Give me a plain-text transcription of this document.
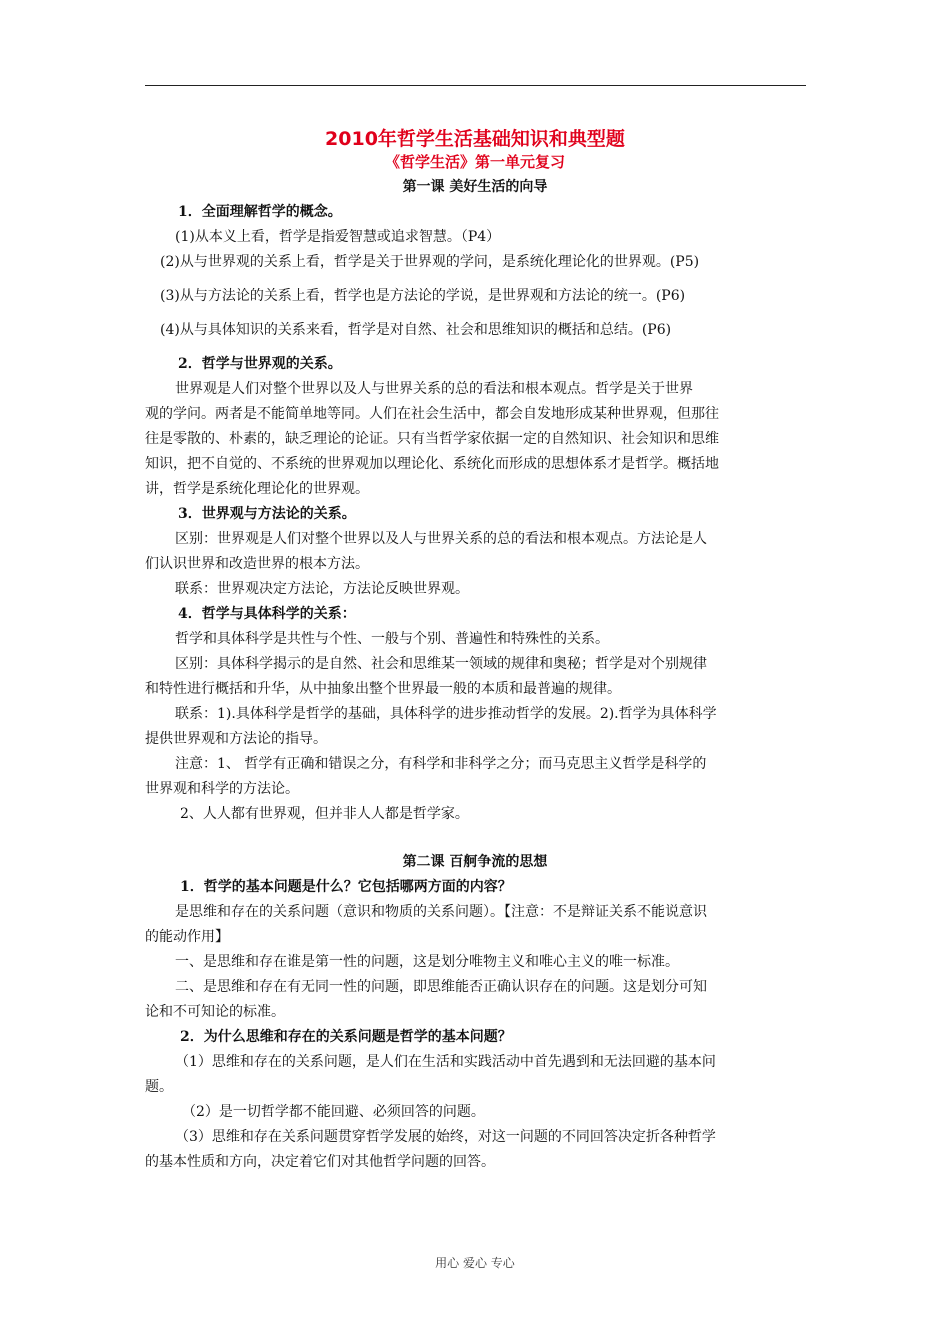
2010年哲学生活基础知识和典型题
《哲学生活》第一单元复习
第一课 美好生活的向导
1．全面理解哲学的概念。
(1)从本义上看，哲学是指爱智慧或追求智慧。（P4）
(2)从与世界观的关系上看，哲学是关于世界观的学问，是系统化理论化的世界观。(P5)
(3)从与方法论的关系上看，哲学也是方法论的学说，是世界观和方法论的统一。(P6)
(4)从与具体知识的关系来看，哲学是对自然、社会和思维知识的概括和总结。(P6)
2．哲学与世界观的关系。
世界观是人们对整个世界以及人与世界关系的总的看法和根本观点。哲学是关于世界
观的学问。两者是不能简单地等同。人们在社会生活中，都会自发地形成某种世界观，但那往
往是零散的、朴素的，缺乏理论的论证。只有当哲学家依据一定的自然知识、社会知识和思维
知识，把不自觉的、不系统的世界观加以理论化、系统化而形成的思想体系才是哲学。概括地
讲，哲学是系统化理论化的世界观。
3．世界观与方法论的关系。
区别：世界观是人们对整个世界以及人与世界关系的总的看法和根本观点。方法论是人
们认识世界和改造世界的根本方法。
联系：世界观决定方法论，方法论反映世界观。
4．哲学与具体科学的关系：
哲学和具体科学是共性与个性、一般与个别、普遍性和特殊性的关系。
区别：具体科学揭示的是自然、社会和思维某一领域的规律和奥秘；哲学是对个别规律
和特性进行概括和升华，从中抽象出整个世界最一般的本质和最普遍的规律。
联系：1).具体科学是哲学的基础，具体科学的进步推动哲学的发展。2).哲学为具体科学
提供世界观和方法论的指导。
注意：1、 哲学有正确和错误之分，有科学和非科学之分；而马克思主义哲学是科学的
世界观和科学的方法论。
2、人人都有世界观，但并非人人都是哲学家。
第二课 百舸争流的思想
1．哲学的基本问题是什么？它包括哪两方面的内容？
是思维和存在的关系问题（意识和物质的关系问题）。【注意：不是辩证关系不能说意识
的能动作用】
一、是思维和存在谁是第一性的问题，这是划分唯物主义和唯心主义的唯一标准。
二、是思维和存在有无同一性的问题，即思维能否正确认识存在的问题。这是划分可知
论和不可知论的标准。
2．为什么思维和存在的关系问题是哲学的基本问题？
（1）思维和存在的关系问题，是人们在生活和实践活动中首先遇到和无法回避的基本问
题。
（2）是一切哲学都不能回避、必须回答的问题。
（3）思维和存在关系问题贯穿哲学发展的始终，对这一问题的不同回答决定折各种哲学
的基本性质和方向，决定着它们对其他哲学问题的回答。
用心 爱心 专心
